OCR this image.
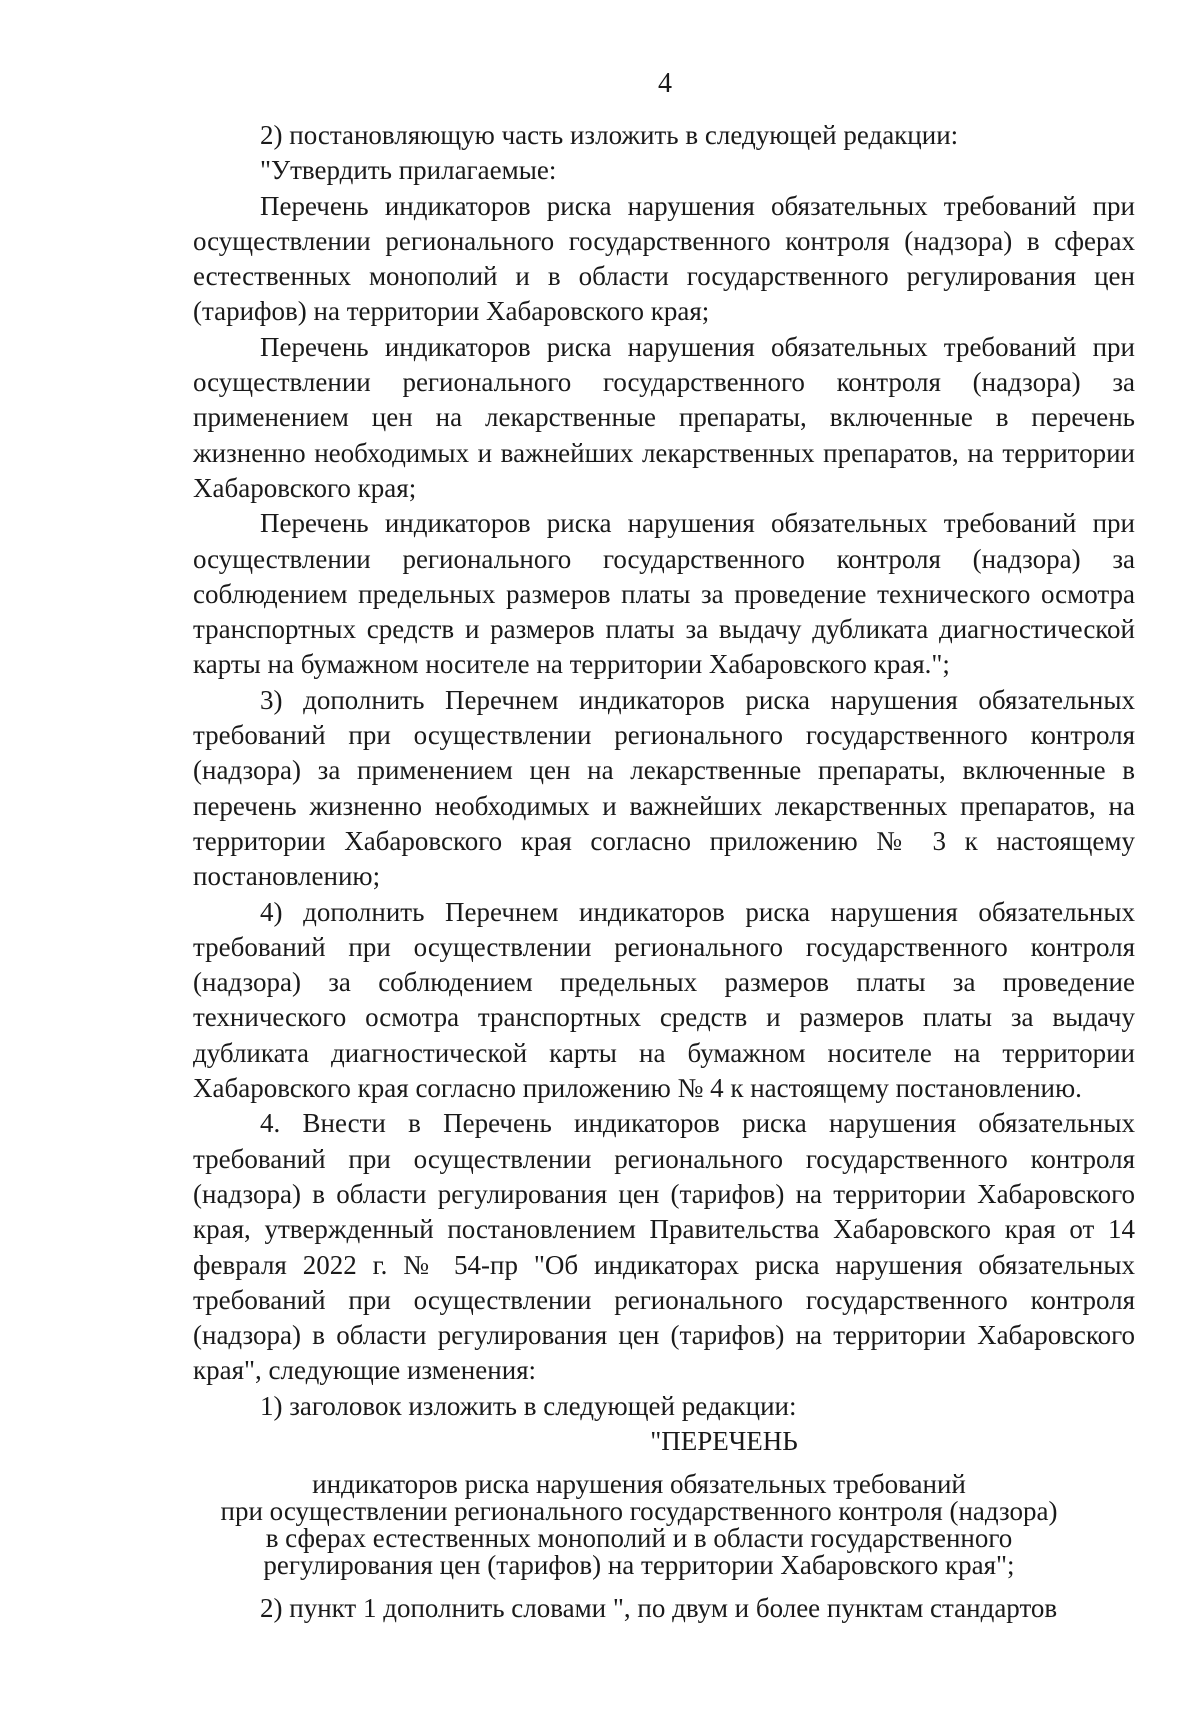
4

2) постановляющую часть изложить в следующей редакции:

"Утвердить прилагаемые:

Перечень индикаторов риска нарушения обязательных требований при осуществлении регионального государственного контроля (надзора) в сферах естественных монополий и в области государственного регулирования цен (тарифов) на территории Хабаровского края;

Перечень индикаторов риска нарушения обязательных требований при осуществлении регионального государственного контроля (надзора) за применением цен на лекарственные препараты, включенные в перечень жизненно необходимых и важнейших лекарственных препаратов, на территории Хабаровского края;

Перечень индикаторов риска нарушения обязательных требований при осуществлении регионального государственного контроля (надзора) за соблюдением предельных размеров платы за проведение технического осмотра транспортных средств и размеров платы за выдачу дубликата диагностической карты на бумажном носителе на территории Хабаровского края.";

3) дополнить Перечнем индикаторов риска нарушения обязательных требований при осуществлении регионального государственного контроля (надзора) за применением цен на лекарственные препараты, включенные в перечень жизненно необходимых и важнейших лекарственных препаратов, на территории Хабаровского края согласно приложению № 3 к настоящему постановлению;

4) дополнить Перечнем индикаторов риска нарушения обязательных требований при осуществлении регионального государственного контроля (надзора) за соблюдением предельных размеров платы за проведение технического осмотра транспортных средств и размеров платы за выдачу дубликата диагностической карты на бумажном носителе на территории Хабаровского края согласно приложению № 4 к настоящему постановлению.

4. Внести в Перечень индикаторов риска нарушения обязательных требований при осуществлении регионального государственного контроля (надзора) в области регулирования цен (тарифов) на территории Хабаровского края, утвержденный постановлением Правительства Хабаровского края от 14 февраля 2022 г. № 54-пр "Об индикаторах риска нарушения обязательных требований при осуществлении регионального государственного контроля (надзора) в области регулирования цен (тарифов) на территории Хабаровского края", следующие изменения:

1) заголовок изложить в следующей редакции:

"ПЕРЕЧЕНЬ

индикаторов риска нарушения обязательных требований
при осуществлении регионального государственного контроля (надзора)
в сферах естественных монополий и в области государственного
регулирования цен (тарифов) на территории Хабаровского края";

2) пункт 1 дополнить словами ", по двум и более пунктам стандартов
